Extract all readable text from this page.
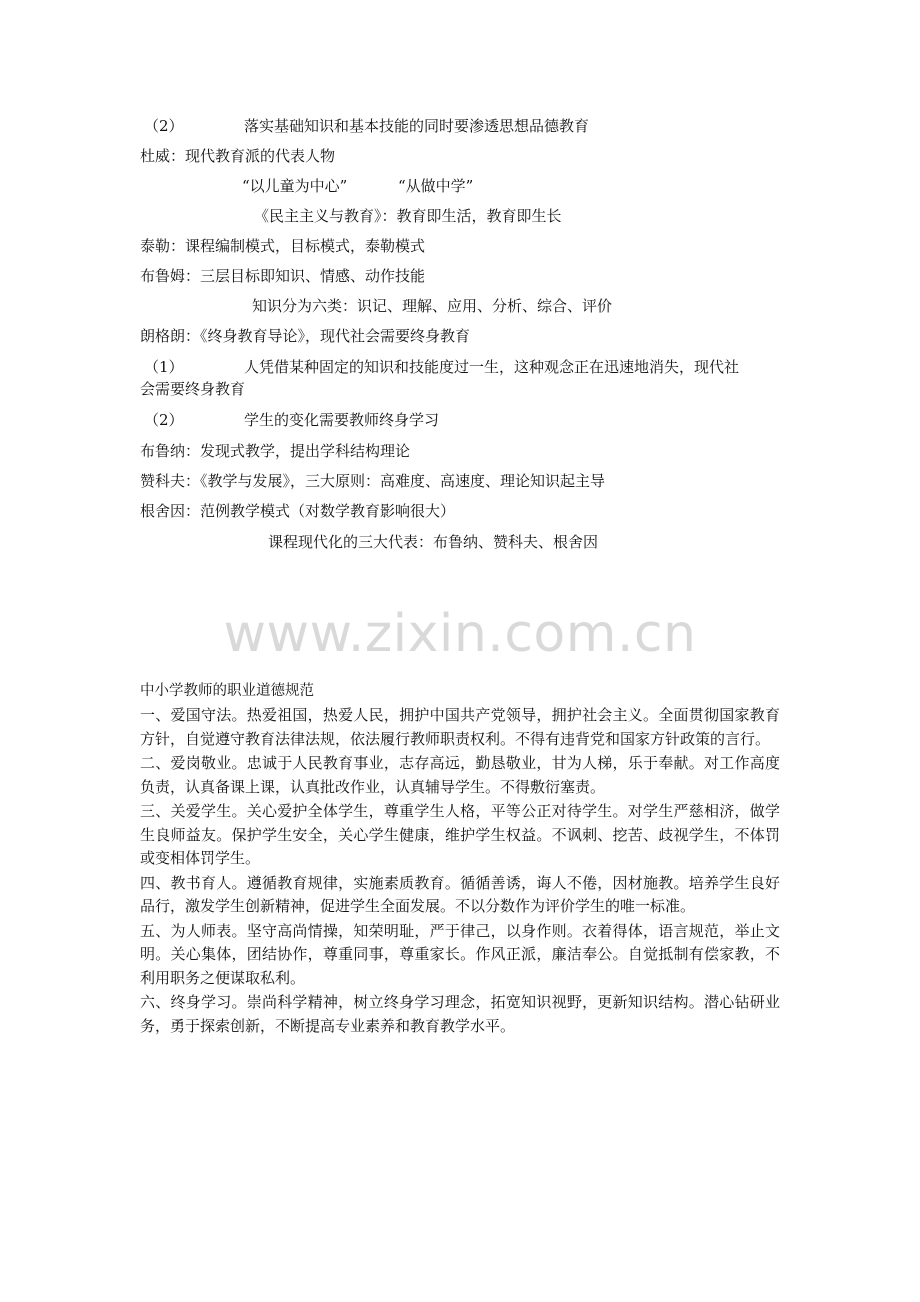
（2）	落实基础知识和基本技能的同时要渗透思想品德教育
杜威：现代教育派的代表人物
“以儿童为中心”	“从做中学”
《民主主义与教育》：教育即生活，教育即生长
泰勒：课程编制模式，目标模式，泰勒模式
布鲁姆：三层目标即知识、情感、动作技能
知识分为六类：识记、理解、应用、分析、综合、评价
朗格朗：《终身教育导论》，现代社会需要终身教育
（1）	人凭借某种固定的知识和技能度过一生，这种观念正在迅速地消失，现代社
会需要终身教育
（2）	学生的变化需要教师终身学习
布鲁纳：发现式教学，提出学科结构理论
赞科夫：《教学与发展》，三大原则：高难度、高速度、理论知识起主导
根舍因：范例教学模式（对数学教育影响很大）
课程现代化的三大代表：布鲁纳、赞科夫、根舍因
www.zixin.com.cn
中小学教师的职业道德规范
一、爱国守法。热爱祖国，热爱人民，拥护中国共产党领导，拥护社会主义。全面贯彻国家教育方针，自觉遵守教育法律法规，依法履行教师职责权利。不得有违背党和国家方针政策的言行。
二、爱岗敬业。忠诚于人民教育事业，志存高远，勤恳敬业，甘为人梯，乐于奉献。对工作高度负责，认真备课上课，认真批改作业，认真辅导学生。不得敷衍塞责。
三、关爱学生。关心爱护全体学生，尊重学生人格，平等公正对待学生。对学生严慈相济，做学生良师益友。保护学生安全，关心学生健康，维护学生权益。不讽刺、挖苦、歧视学生，不体罚或变相体罚学生。
四、教书育人。遵循教育规律，实施素质教育。循循善诱，诲人不倦，因材施教。培养学生良好品行，激发学生创新精神，促进学生全面发展。不以分数作为评价学生的唯一标准。
五、为人师表。坚守高尚情操，知荣明耻，严于律己，以身作则。衣着得体，语言规范，举止文明。关心集体，团结协作，尊重同事，尊重家长。作风正派，廉洁奉公。自觉抵制有偿家教，不利用职务之便谋取私利。
六、终身学习。崇尚科学精神，树立终身学习理念，拓宽知识视野，更新知识结构。潜心钻研业务，勇于探索创新，不断提高专业素养和教育教学水平。
